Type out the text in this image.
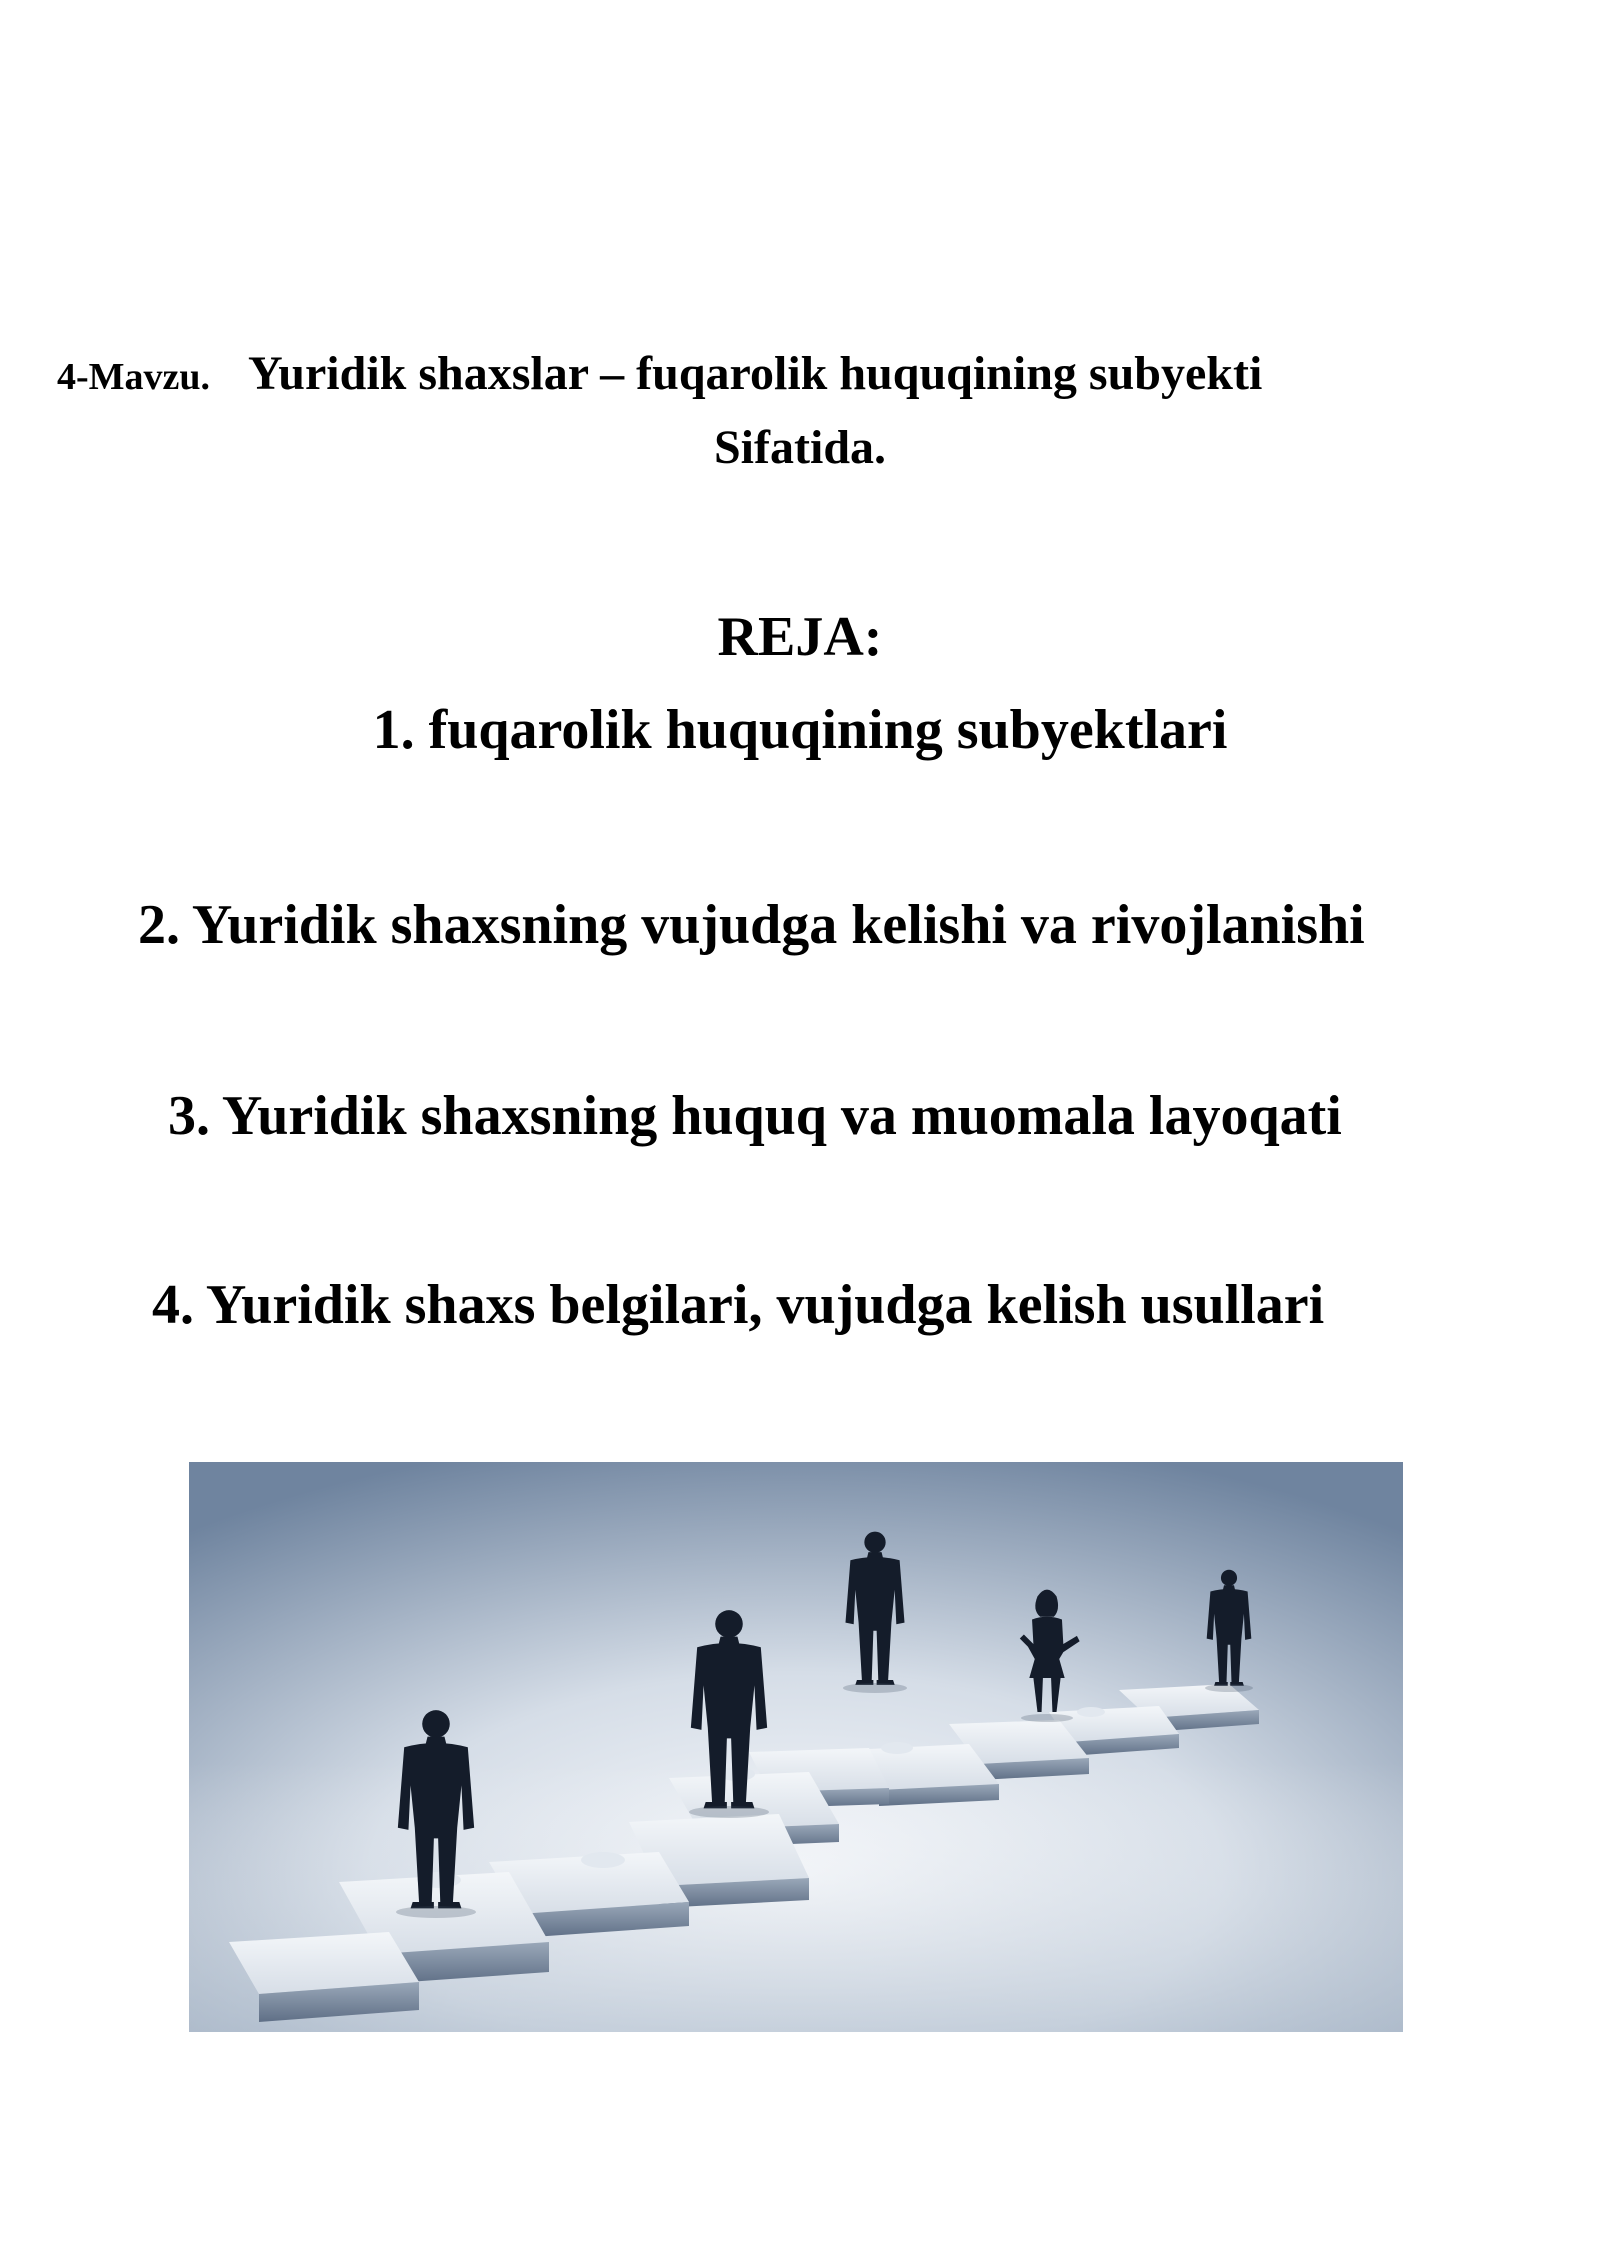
4-Mavzu. Yuridik shaxslar – fuqarolik huquqining subyekti
Sifatida.
REJA:
1. fuqarolik huquqining subyektlari
2. Yuridik shaxsning vujudga kelishi va rivojlanishi
3. Yuridik shaxsning huquq va muomala layoqati
4. Yuridik shaxs belgilari, vujudga kelish usullari
